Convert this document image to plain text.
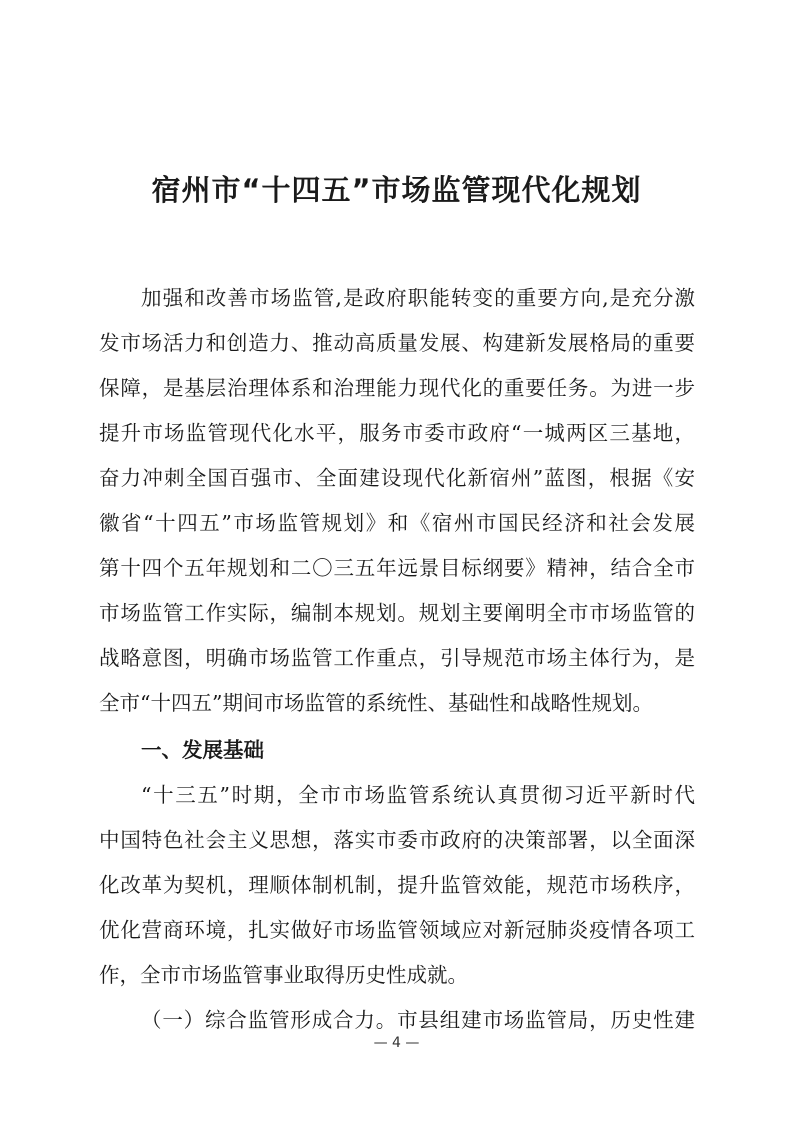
宿州市“十四五”市场监管现代化规划

加强和改善市场监管,是政府职能转变的重要方向,是充分激

发市场活力和创造力、推动高质量发展、构建新发展格局的重要

保障，是基层治理体系和治理能力现代化的重要任务。为进一步

提升市场监管现代化水平，服务市委市政府“一城两区三基地，

奋力冲刺全国百强市、全面建设现代化新宿州”蓝图，根据《安

徽省“十四五”市场监管规划》和《宿州市国民经济和社会发展

第十四个五年规划和二〇三五年远景目标纲要》精神，结合全市

市场监管工作实际，编制本规划。规划主要阐明全市市场监管的

战略意图，明确市场监管工作重点，引导规范市场主体行为，是

全市“十四五”期间市场监管的系统性、基础性和战略性规划。

一、发展基础

“十三五”时期，全市市场监管系统认真贯彻习近平新时代

中国特色社会主义思想，落实市委市政府的决策部署，以全面深

化改革为契机，理顺体制机制，提升监管效能，规范市场秩序，

优化营商环境，扎实做好市场监管领域应对新冠肺炎疫情各项工

作，全市市场监管事业取得历史性成就。

（一）综合监管形成合力。市县组建市场监管局，历史性建

— 4 —
